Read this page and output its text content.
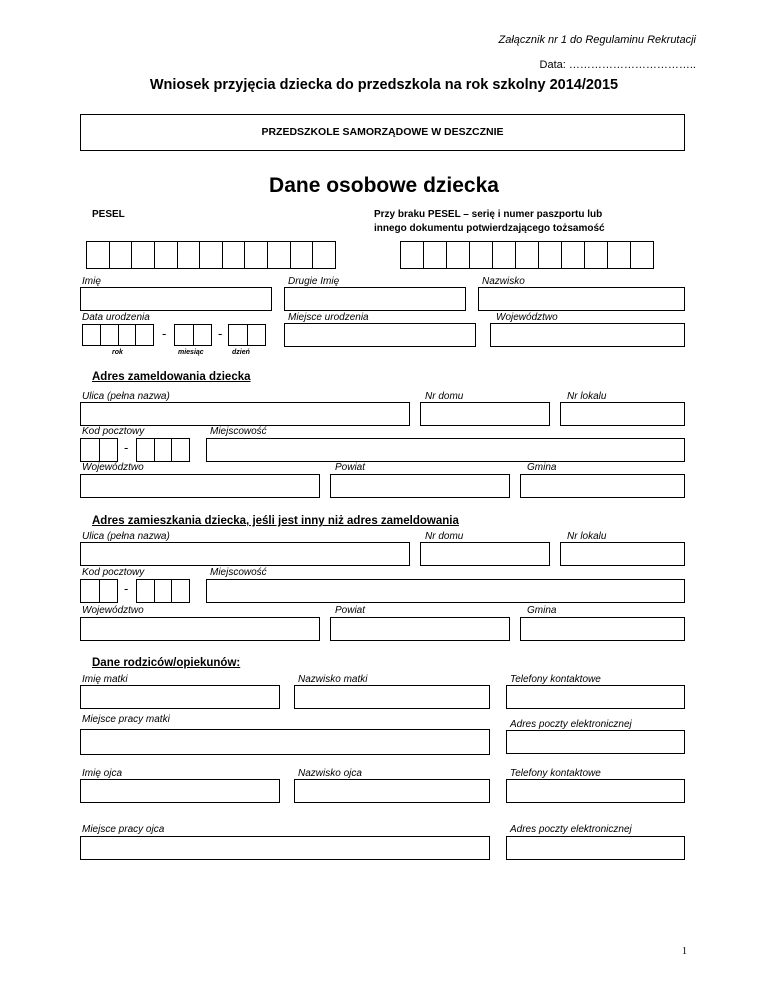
Załącznik nr 1 do Regulaminu Rekrutacji
Data: ……………………………..
Wniosek przyjęcia dziecka do przedszkola na rok szkolny 2014/2015
PRZEDSZKOLE SAMORZĄDOWE W DESZCZNIE
Dane osobowe dziecka
PESEL	Przy braku PESEL – serię i numer paszportu lub
innego dokumentu potwierdzającego tożsamość
Imię	Drugie Imię	Nazwisko
Data urodzenia	Miejsce urodzenia	Województwo
-	-
rok	miesiąc	dzień
Adres zameldowania dziecka
Ulica (pełna nazwa)	Nr domu	Nr lokalu
Kod pocztowy	Miejscowość
-
Województwo	Powiat	Gmina
Adres zamieszkania dziecka, jeśli jest inny niż adres zameldowania
Ulica (pełna nazwa)	Nr domu	Nr lokalu
Kod pocztowy	Miejscowość
-
Województwo	Powiat	Gmina
Dane rodziców/opiekunów:
Imię matki	Nazwisko matki	Telefony kontaktowe
Miejsce pracy matki	Adres poczty elektronicznej
Imię ojca	Nazwisko ojca	Telefony kontaktowe
Miejsce pracy ojca	Adres poczty elektronicznej
1
